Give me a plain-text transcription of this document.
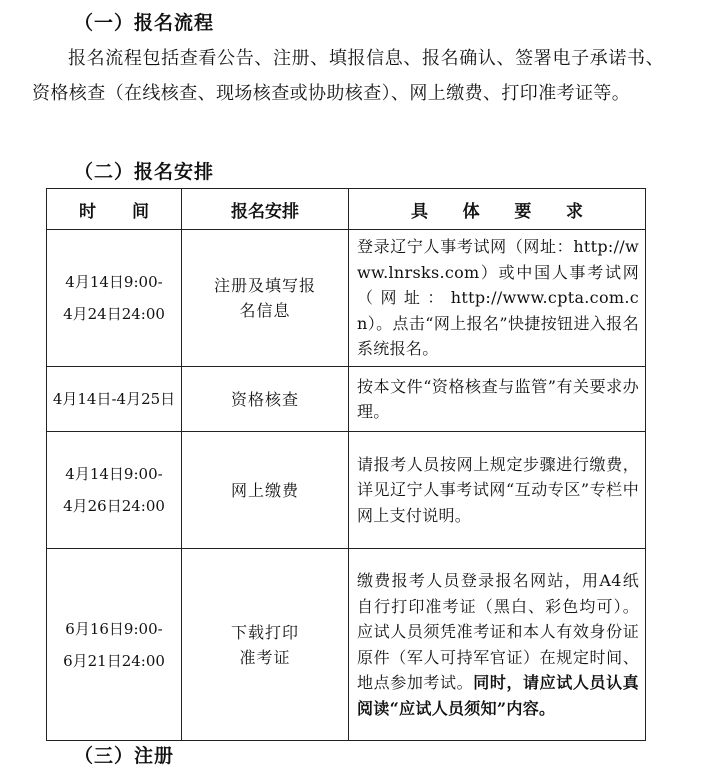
（一）报名流程

报名流程包括查看公告、注册、填报信息、报名确认、签署电子承诺书、资格核查（在线核查、现场核查或协助核查）、网上缴费、打印准考证等。

（二）报名安排
时 间	报名安排	具 体 要 求

4月14日9:00-
4月24日24:00	注册及填写报
名信息	登录辽宁人事考试网（网址：http://www.lnrsks.com）或中国人事考试网（网址：http://www.cpta.com.cn）。点击“网上报名”快捷按钮进入报名系统报名。

4月14日-4月25日	资格核查	按本文件“资格核查与监管”有关要求办理。

4月14日9:00-
4月26日24:00	网上缴费	请报考人员按网上规定步骤进行缴费，详见辽宁人事考试网“互动专区”专栏中网上支付说明。

6月16日9:00-
6月21日24:00	下载打印
准考证	缴费报考人员登录报名网站，用A4纸自行打印准考证（黑白、彩色均可）。应试人员须凭准考证和本人有效身份证原件（军人可持军官证）在规定时间、地点参加考试。同时，请应试人员认真阅读“应试人员须知”内容。
（三）注册
